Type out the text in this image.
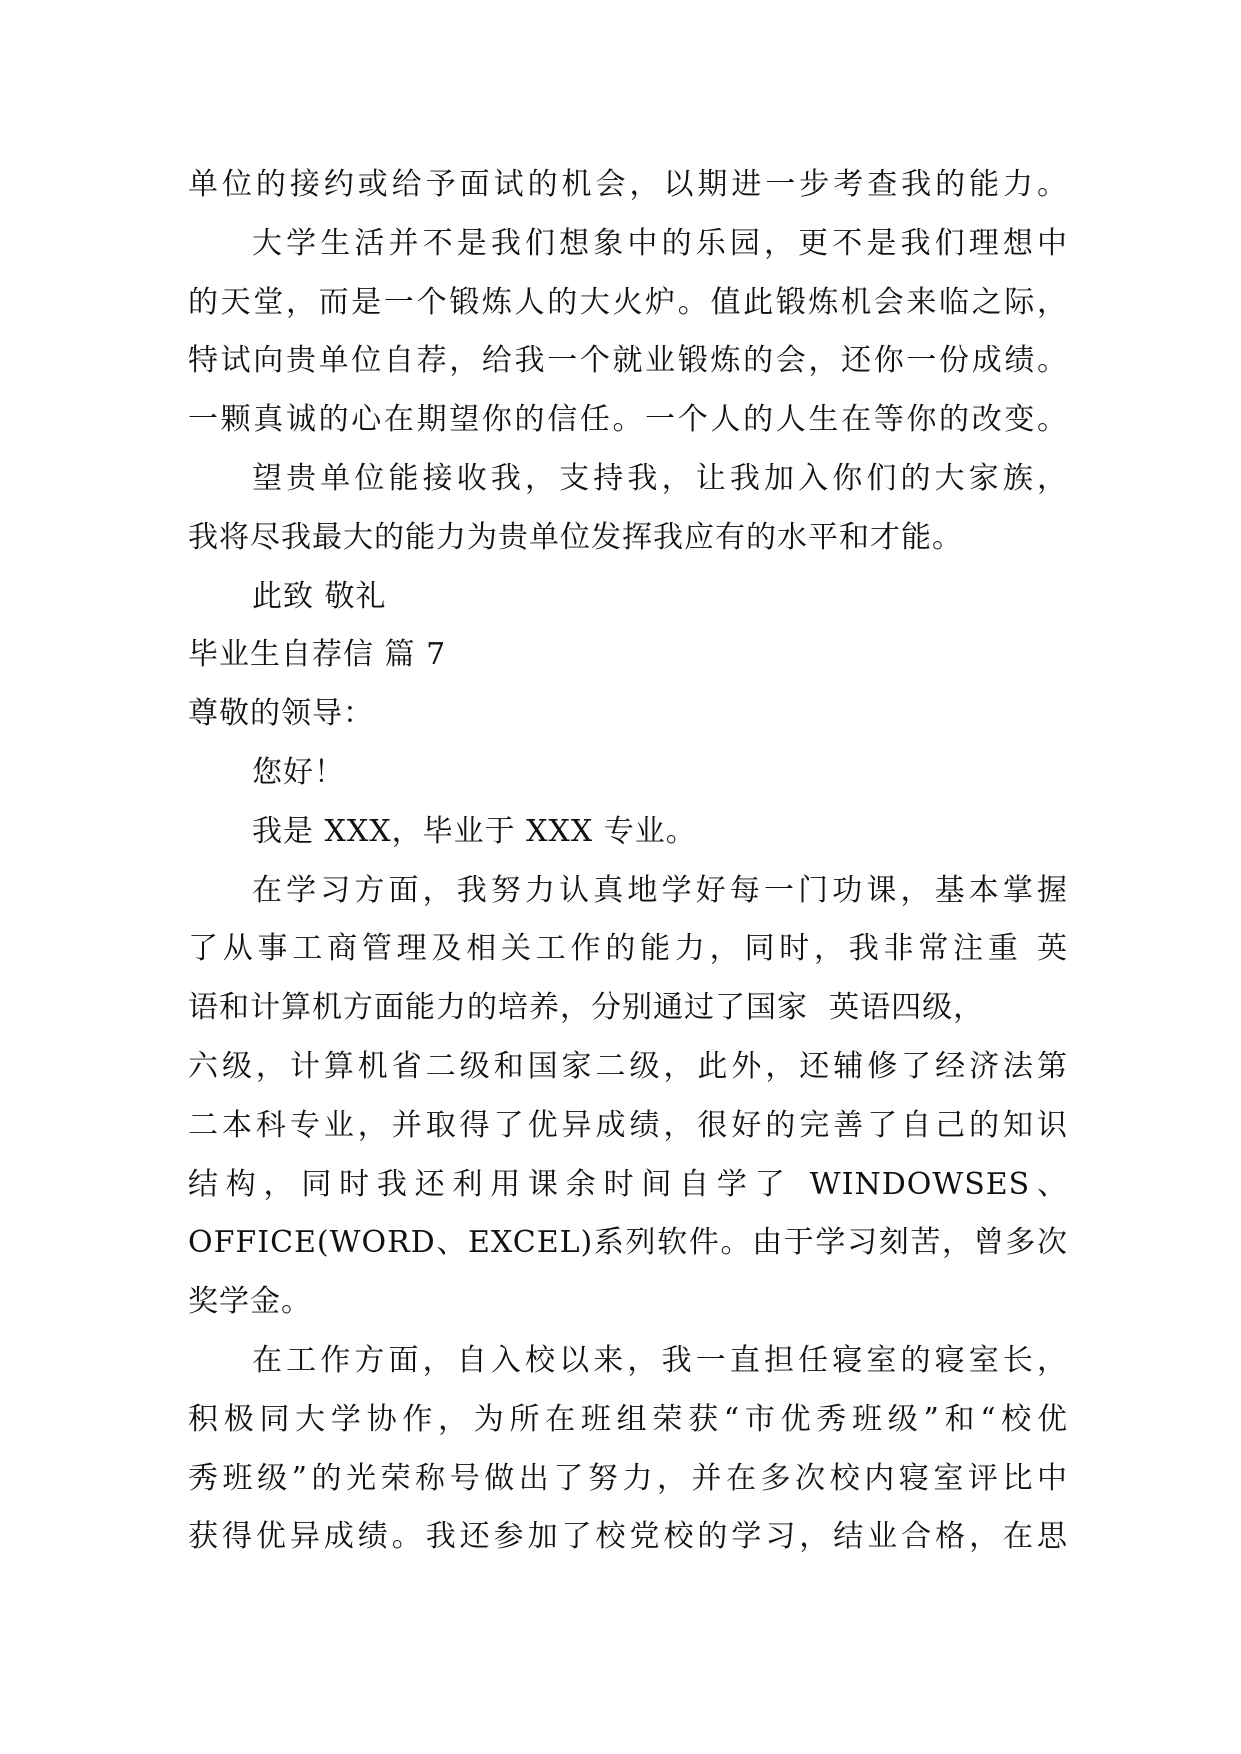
单位的接约或给予面试的机会，以期进一步考查我的能力。
大学生活并不是我们想象中的乐园，更不是我们理想中
的天堂，而是一个锻炼人的大火炉。值此锻炼机会来临之际，
特试向贵单位自荐，给我一个就业锻炼的会，还你一份成绩。
一颗真诚的心在期望你的信任。一个人的人生在等你的改变。
望贵单位能接收我，支持我，让我加入你们的大家族，
我将尽我最大的能力为贵单位发挥我应有的水平和才能。
此致 敬礼
毕业生自荐信 篇 7
尊敬的领导：
您好！
我是 XXX，毕业于 XXX 专业。
在学习方面，我努力认真地学好每一门功课，基本掌握
了从事工商管理及相关工作的能力，同时，我非常注重 英
语和计算机方面能力的培养，分别通过了国家  英语四级，
六级，计算机省二级和国家二级，此外，还辅修了经济法第
二本科专业，并取得了优异成绩，很好的完善了自己的知识
结构，同时我还利用课余时间自学了 WINDOWSES、
OFFICE(WORD、EXCEL)系列软件。由于学习刻苦，曾多次
奖学金。
在工作方面，自入校以来，我一直担任寝室的寝室长，
积极同大学协作，为所在班组荣获“市优秀班级”和“校优
秀班级”的光荣称号做出了努力，并在多次校内寝室评比中
获得优异成绩。我还参加了校党校的学习，结业合格，在思
